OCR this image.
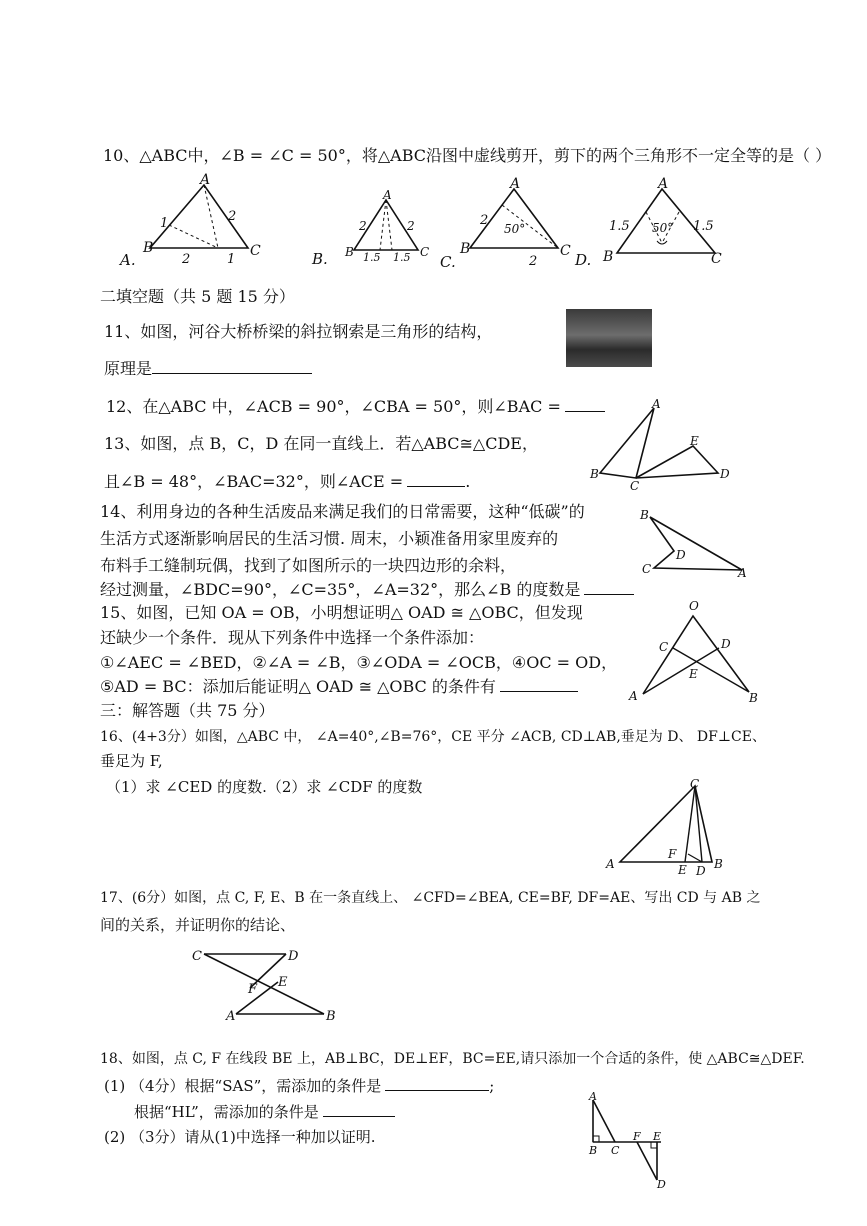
10、△ABC中，∠B = ∠C = 50°，将△ABC沿图中虚线剪开，剪下的两个三角形不一定全等的是（ ）
A
B	C
1	2
2	1
A.
A
B	C
2	2
1.5 1.5
B.
A
B	C
2
2
50°
C.
A
B	C
1.5	1.5
50°
D.
二填空题（共 5 题 15 分）
11、如图，河谷大桥桥梁的斜拉钢索是三角形的结构，
原理是
12、在△ABC 中，∠ACB = 90°，∠CBA = 50°，则∠BAC =	A
B
C
D
E
13、如图，点 B，C，D 在同一直线上．若△ABC≅△CDE，
且∠B = 48°，∠BAC=32°，则∠ACE =	.
14、利用身边的各种生活废品来满足我们的日常需要，这种“低碳”的
生活方式逐渐影响居民的生活习惯. 周末，小颖准备用家里废弃的
布料手工缝制玩偶，找到了如图所示的一块四边形的余料，
经过测量，∠BDC=90°，∠C=35°，∠A=32°，那么∠B 的度数是
B
D
C	A
15、如图，已知 OA = OB，小明想证明△ OAD ≅ △OBC，但发现
还缺少一个条件．现从下列条件中选择一个条件添加：
①∠AEC = ∠BED，②∠A = ∠B，③∠ODA = ∠OCB，④OC = OD，
⑤AD = BC：添加后能证明△ OAD ≅ △OBC 的条件有
O
C	D
E
A	B
三：解答题（共 75 分）
16、(4+3分）如图，△ABC 中， ∠A=40°,∠B=76°，CE 平分 ∠ACB, CD⊥AB,垂足为 D、 DF⊥CE、
垂足为 F,
（1）求 ∠CED 的度数.（2）求 ∠CDF 的度数	C
A
F
E D B
17、(6分）如图，点 C, F, E、B 在一条直线上、 ∠CFD=∠BEA, CE=BF, DF=AE、写出 CD 与 AB 之
间的关系，并证明你的结论、
C	D
F E
A	B
18、如图，点 C, F 在线段 BE 上，AB⊥BC，DE⊥EF，BC=EE,请只添加一个合适的条件，使 △ABC≅△DEF.
(1) （4分）根据“SAS”，需添加的条件是	;
根据“HL”，需添加的条件是
(2) （3分）请从(1)中选择一种加以证明.
A
B C
F E
D
